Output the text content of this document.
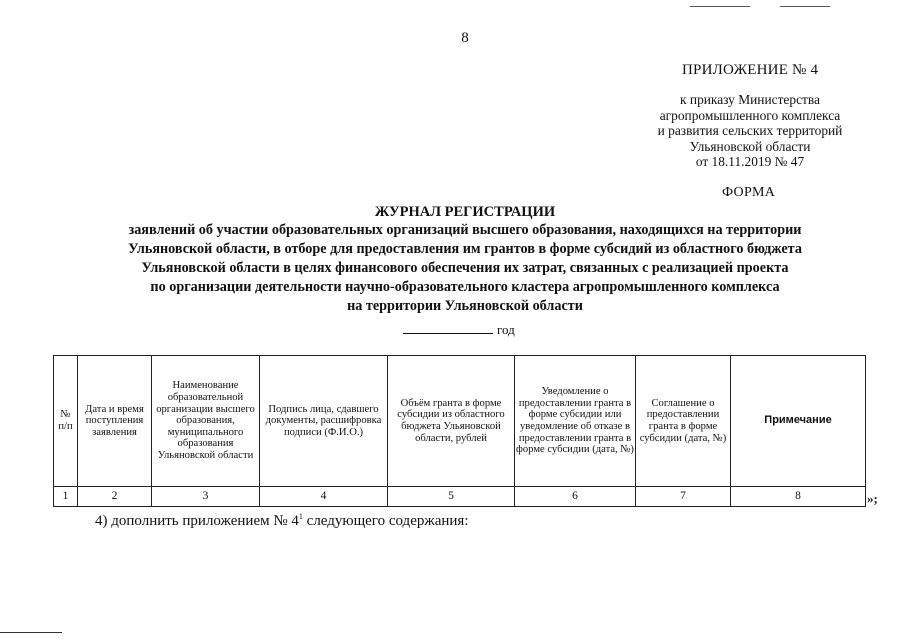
8
ПРИЛОЖЕНИЕ № 4
к приказу Министерства
агропромышленного комплекса
и развития сельских территорий
Ульяновской области
от 18.11.2019 № 47
ФОРМА
ЖУРНАЛ РЕГИСТРАЦИИ
заявлений об участии образовательных организаций высшего образования, находящихся на территории
Ульяновской области, в отборе для предоставления им грантов в форме субсидий из областного бюджета
Ульяновской области в целях финансового обеспечения их затрат, связанных с реализацией проекта
по организации деятельности научно-образовательного кластера агропромышленного комплекса
на территории Ульяновской области
год
№ п/п	Дата и время поступления заявления	Наименование образовательной организации высшего образования, муниципального образования Ульяновской области	Подпись лица, сдавшего документы, расшифровка подписи (Ф.И.О.)	Объём гранта в форме субсидии из областного бюджета Ульяновской области, рублей	Уведомление о предоставлении гранта в форме субсидии или уведомление об отказе в предоставлении гранта в форме субсидии (дата, №)	Соглашение о предоставлении гранта в форме субсидии (дата, №)	Примечание
1	2	3	4	5	6	7	8	»;
4) дополнить приложением № $4^1$ следующего содержания:
